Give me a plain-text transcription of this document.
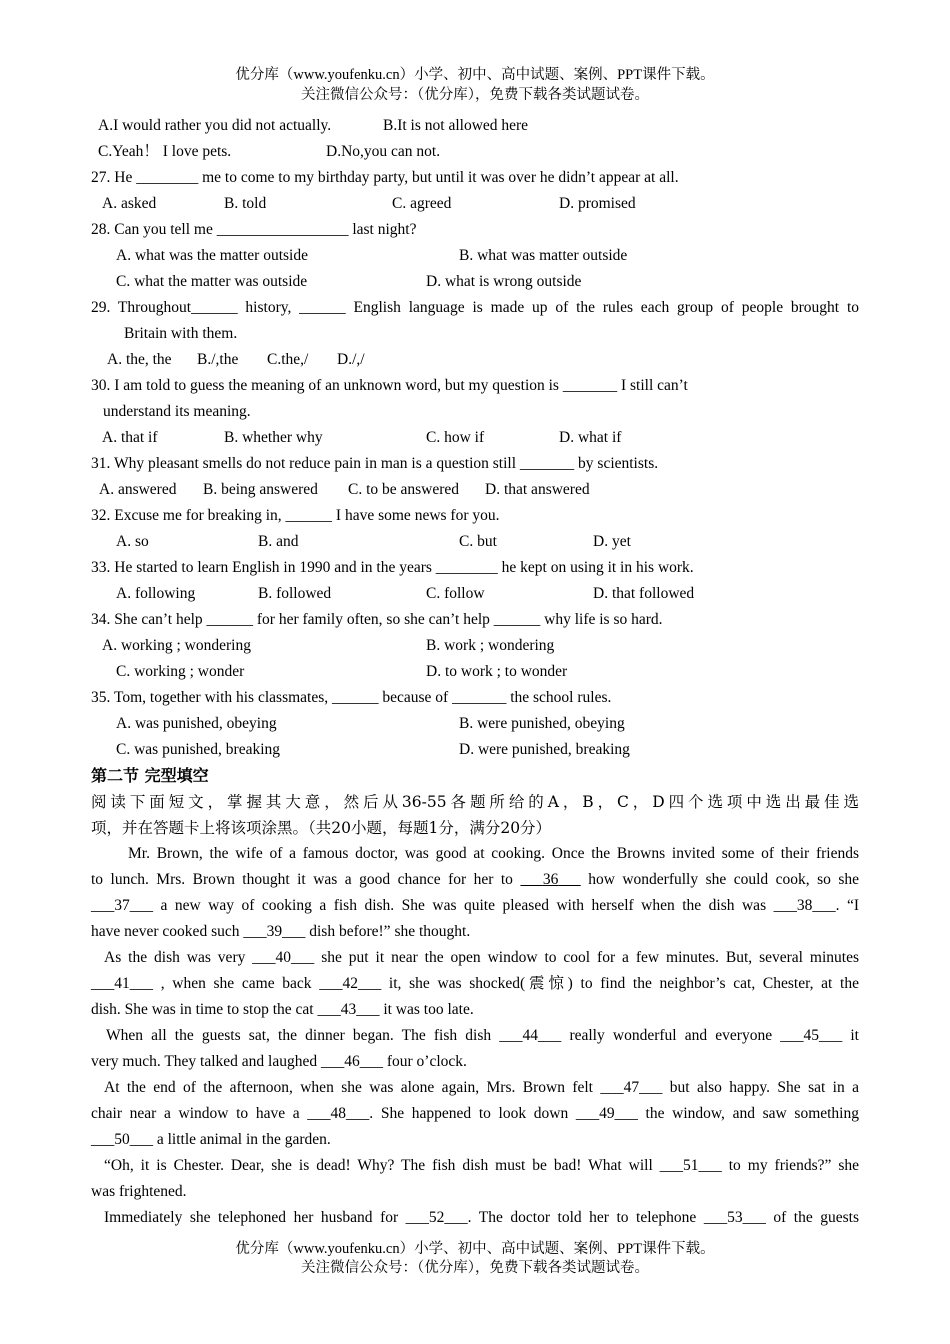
优分库（www.youfenku.cn）小学、初中、高中试题、案例、PPT课件下载。
关注微信公众号：（优分库），免费下载各类试题试卷。
A.I would rather you did not actually.	B.It is not allowed here
C.Yeah！ I love pets.	D.No,you can not.
27. He ________ me to come to my birthday party, but until it was over he didn’t appear at all.
A. asked	B. told	C. agreed	D. promised
28. Can you tell me _________________ last night?
A. what was the matter outside	B. what was matter outside
C. what the matter was outside	D. what is wrong outside
29. Throughout______ history, ______ English language is made up of the rules each group of people brought to
Britain with them.
A. the, the B./,the C.the,/ D./,/
30. I am told to guess the meaning of an unknown word, but my question is _______ I still can’t
understand its meaning.
A. that if	B. whether why	C. how if	D. what if
31. Why pleasant smells do not reduce pain in man is a question still _______ by scientists.
A. answered B. being answered C. to be answered D. that answered
32. Excuse me for breaking in, ______ I have some news for you.
A. so	B. and	C. but	D. yet
33. He started to learn English in 1990 and in the years ________ he kept on using it in his work.
A. following	B. followed	C. follow	D. that followed
34. She can’t help ______ for her family often, so she can’t help ______ why life is so hard.
A. working ; wondering	B. work ; wondering
C. working ; wonder	D. to work ; to wonder
35. Tom, together with his classmates, ______ because of _______ the school rules.
A. was punished, obeying	B. were punished, obeying
C. was punished, breaking	D. were punished, breaking
第二节 完型填空
阅读下面短文，掌握其大意，然后从36-55各题所给的A，B，C，D四个选项中选出最佳选
项，并在答题卡上将该项涂黑。（共20小题，每题1分，满分20分）
Mr. Brown, the wife of a famous doctor, was good at cooking. Once the Browns invited some of their friends
to lunch. Mrs. Brown thought it was a good chance for her to 36 how wonderfully she could cook, so she
___37___ a new way of cooking a fish dish. She was quite pleased with herself when the dish was ___38___. “I
have never cooked such ___39___ dish before!” she thought.
As the dish was very ___40___ she put it near the open window to cool for a few minutes. But, several minutes
___41___ , when she came back ___42___ it, she was shocked(震惊) to find the neighbor’s cat, Chester, at the
dish. She was in time to stop the cat ___43___ it was too late.
When all the guests sat, the dinner began. The fish dish ___44___ really wonderful and everyone ___45___ it
very much. They talked and laughed ___46___ four o’clock.
At the end of the afternoon, when she was alone again, Mrs. Brown felt ___47___ but also happy. She sat in a
chair near a window to have a ___48___. She happened to look down ___49___ the window, and saw something
___50___ a little animal in the garden.
“Oh, it is Chester. Dear, she is dead! Why? The fish dish must be bad! What will ___51___ to my friends?” she
was frightened.
Immediately she telephoned her husband for ___52___. The doctor told her to telephone ___53___ of the guests
优分库（www.youfenku.cn）小学、初中、高中试题、案例、PPT课件下载。
关注微信公众号：（优分库），免费下载各类试题试卷。
